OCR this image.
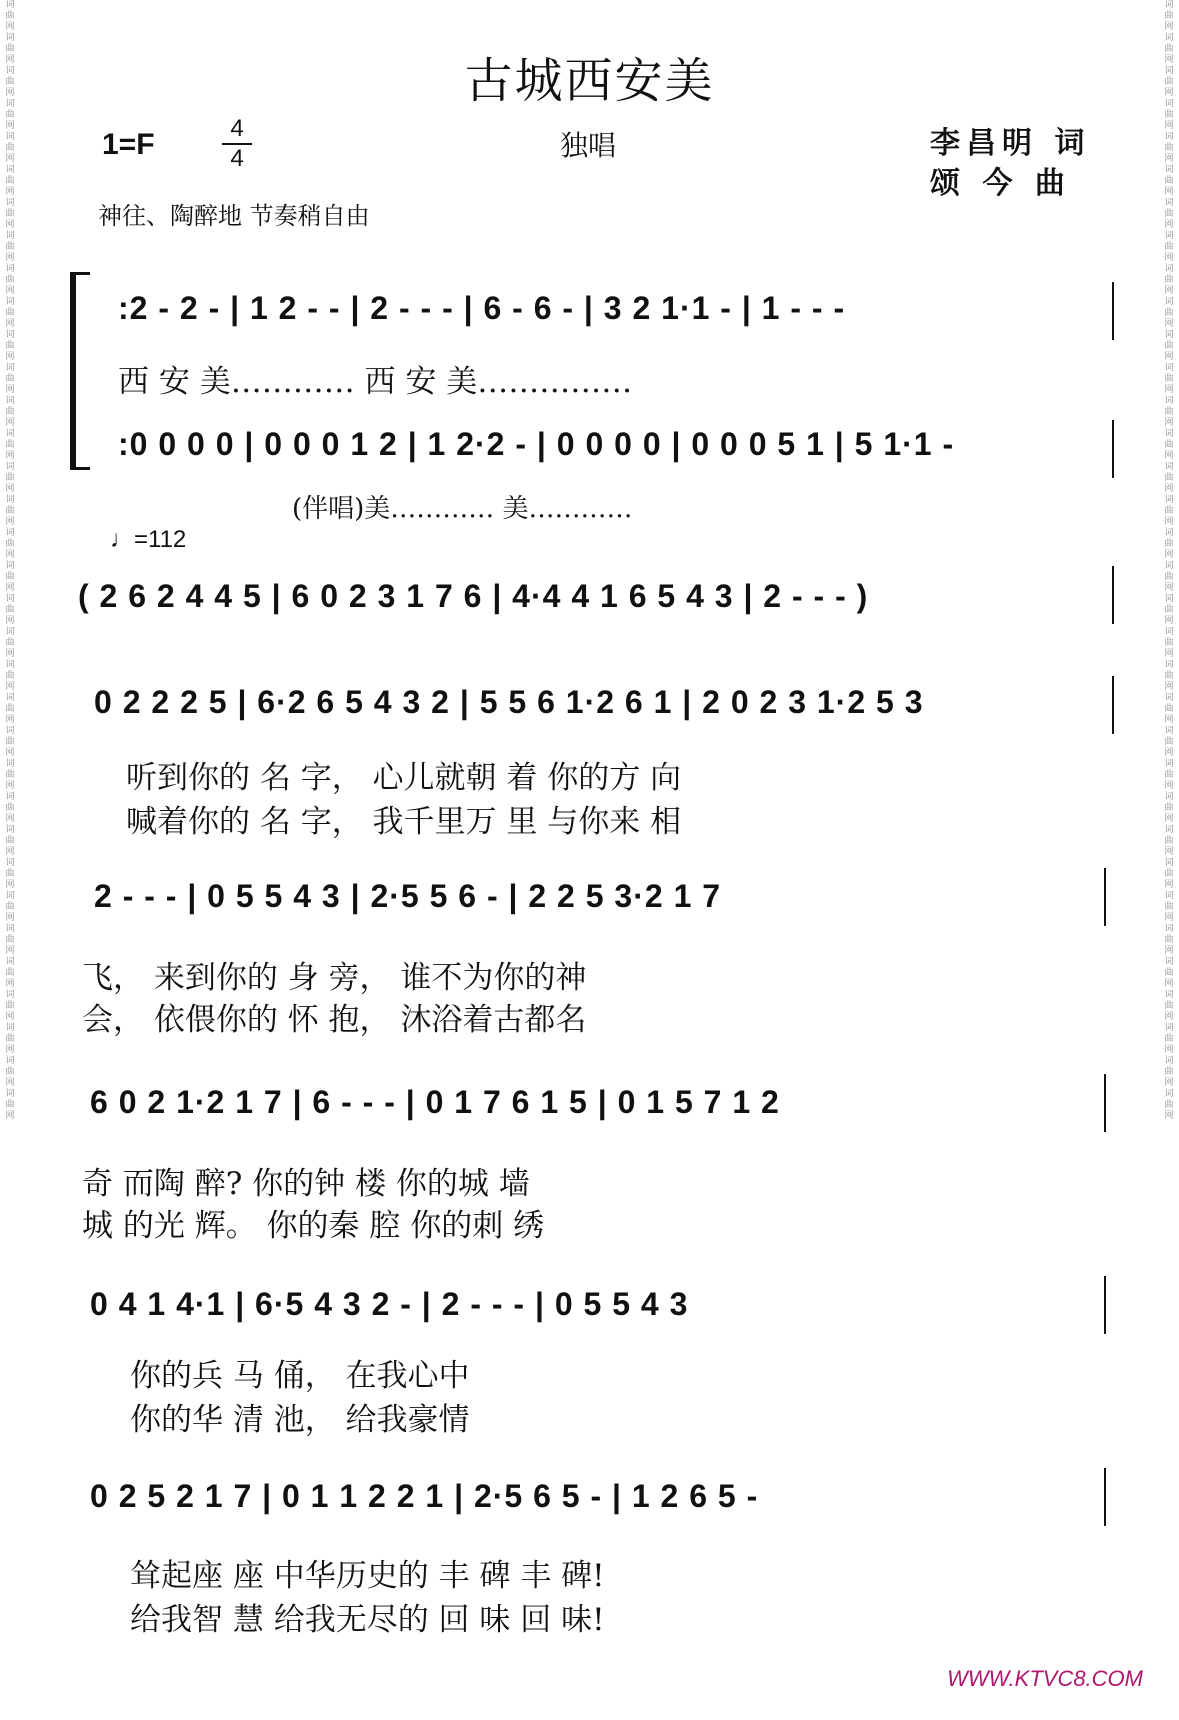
词
曲
网
词
曲
网
词
曲
网
词
曲
网
词
曲
网
词
曲
网
词
曲
网
词
曲
网
词
曲
网
词
曲
网
词
曲
网
词
曲
网
词
曲
网
词
曲
网
词
曲
网
词
曲
网
词
曲
网
词
曲
网
词
曲
网
词
曲
网
词
曲
网
词
曲
网
词
曲
网
词
曲
网
词
曲
网
词
曲
网
词
曲
网
词
曲
网
词
曲
网
词
曲
网
词
曲
网
词
曲
网
词
曲
网
词
曲
网
词
曲
网
词
曲
网
词
曲
网
词
曲
网
词
曲
网
词
曲
网
词
曲
网
词
曲
网
词
曲
网
词
曲
网
词
曲
网
词
曲
网
词
曲
网
词
曲
网
词
曲
网
词
曲
网
词
曲
网
词
曲
网
词
曲
网
词
曲
网
词
曲
网
词
曲
网
词
曲
网
词
曲
网
词
曲
网
词
曲
网
词
曲
网
词
曲
网
词
曲
网
词
曲
网
词
曲
网
词
曲
网
词
曲
网
词
曲
网
古城西安美
1=F	4
4	独唱	李昌明 词
颂 今 曲
神往、陶醉地 节奏稍自由
:2 - 2 - | 1 2 - - | 2 - - - | 6 - 6 - | 3 2 1·1 - | 1 - - -
西 安 美………… 西 安 美……………
:0 0 0 0 | 0 0 0 1 2 | 1 2·2 - | 0 0 0 0 | 0 0 0 5 1 | 5 1·1 -
(伴唱)美………… 美…………
♩=112
( 2 6 2 4 4 5 | 6 0 2 3 1 7 6 | 4·4 4 1 6 5 4 3 | 2 - - - )
0 2 2 2 5 | 6·2 6 5 4 3 2 | 5 5 6 1·2 6 1 | 2 0 2 3 1·2 5 3
听到你的 名 字， 心儿就朝 着 你的方 向
喊着你的 名 字， 我千里万 里 与你来 相
2 - - - | 0 5 5 4 3 | 2·5 5 6 - | 2 2 5 3·2 1 7
飞， 来到你的 身 旁， 谁不为你的神
会， 依偎你的 怀 抱， 沐浴着古都名
6 0 2 1·2 1 7 | 6 - - - | 0 1 7 6 1 5 | 0 1 5 7 1 2
奇 而陶 醉? 你的钟 楼 你的城 墙
城 的光 辉。 你的秦 腔 你的刺 绣
0 4 1 4·1 | 6·5 4 3 2 - | 2 - - - | 0 5 5 4 3
你的兵 马 俑， 在我心中
你的华 清 池， 给我豪情
0 2 5 2 1 7 | 0 1 1 2 2 1 | 2·5 6 5 - | 1 2 6 5 -
耸起座 座 中华历史的 丰 碑 丰 碑!
给我智 慧 给我无尽的 回 味 回 味!
WWW.KTVC8.COM
